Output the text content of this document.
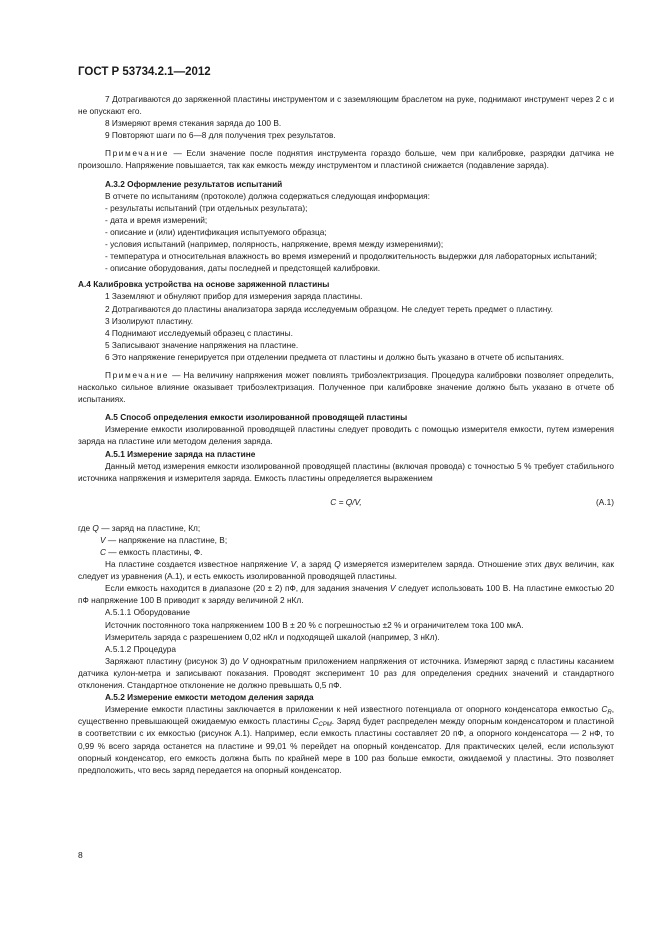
ГОСТ Р 53734.2.1—2012

7 Дотрагиваются до заряженной пластины инструментом и с заземляющим браслетом на руке, поднимают инструмент через 2 с и не опускают его.

8 Измеряют время стекания заряда до 100 В.

9 Повторяют шаги по 6—8 для получения трех результатов.

Примечание — Если значение после поднятия инструмента гораздо больше, чем при калибровке, разрядки датчика не произошло. Напряжение повышается, так как емкость между инструментом и пластиной снижается (подавление заряда).

А.3.2 Оформление результатов испытаний

В отчете по испытаниям (протоколе) должна содержаться следующая информация:

- результаты испытаний (три отдельных результата);

- дата и время измерений;

- описание и (или) идентификация испытуемого образца;

- условия испытаний (например, полярность, напряжение, время между измерениями);

- температура и относительная влажность во время измерений и продолжительность выдержки для лабораторных испытаний;

- описание оборудования, даты последней и предстоящей калибровки.

А.4 Калибровка устройства на основе заряженной пластины

1 Заземляют и обнуляют прибор для измерения заряда пластины.

2 Дотрагиваются до пластины анализатора заряда исследуемым образцом. Не следует тереть предмет о пластину.

3 Изолируют пластину.

4 Поднимают исследуемый образец с пластины.

5 Записывают значение напряжения на пластине.

6 Это напряжение генерируется при отделении предмета от пластины и должно быть указано в отчете об испытаниях.

Примечание — На величину напряжения может повлиять трибоэлектризация. Процедура калибровки позволяет определить, насколько сильное влияние оказывает трибоэлектризация. Полученное при калибровке значение должно быть указано в отчете об испытаниях.

А.5 Способ определения емкости изолированной проводящей пластины

Измерение емкости изолированной проводящей пластины следует проводить с помощью измерителя емкости, путем измерения заряда на пластине или методом деления заряда.

А.5.1 Измерение заряда на пластине

Данный метод измерения емкости изолированной проводящей пластины (включая провода) с точностью 5 % требует стабильного источника напряжения и измерителя заряда. Емкость пластины определяется выражением

C = Q/V,	(А.1)
где Q — заряд на пластине, Кл;
V — напряжение на пластине, В;
C — емкость пластины, Ф.

На пластине создается известное напряжение V, а заряд Q измеряется измерителем заряда. Отношение этих двух величин, как следует из уравнения (А.1), и есть емкость изолированной проводящей пластины.

Если емкость находится в диапазоне (20 ± 2) пФ, для задания значения V следует использовать 100 В. На пластине емкостью 20 пФ напряжение 100 В приводит к заряду величиной 2 нКл.

А.5.1.1 Оборудование

Источник постоянного тока напряжением 100 В ± 20 % с погрешностью ±2 % и ограничителем тока 100 мкА.

Измеритель заряда с разрешением 0,02 нКл и подходящей шкалой (например, 3 нКл).

А.5.1.2 Процедура

Заряжают пластину (рисунок 3) до V однократным приложением напряжения от источника. Измеряют заряд с пластины касанием датчика кулон-метра и записывают показания. Проводят эксперимент 10 раз для определения средних значений и стандартного отклонения. Стандартное отклонение не должно превышать 0,5 пФ.

А.5.2 Измерение емкости методом деления заряда

Измерение емкости пластины заключается в приложении к ней известного потенциала от опорного конденсатора емкостью $C_R$, существенно превышающей ожидаемую емкость пластины $C_{CPM}$. Заряд будет распределен между опорным конденсатором и пластиной в соответствии с их емкостью (рисунок А.1). Например, если емкость пластины составляет 20 пФ, а опорного конденсатора — 2 нФ, то 0,99 % всего заряда останется на пластине и 99,01 % перейдет на опорный конденсатор. Для практических целей, если используют опорный конденсатор, его емкость должна быть по крайней мере в 100 раз больше емкости, ожидаемой у пластины. Это позволяет предположить, что весь заряд передается на опорный конденсатор.

8
